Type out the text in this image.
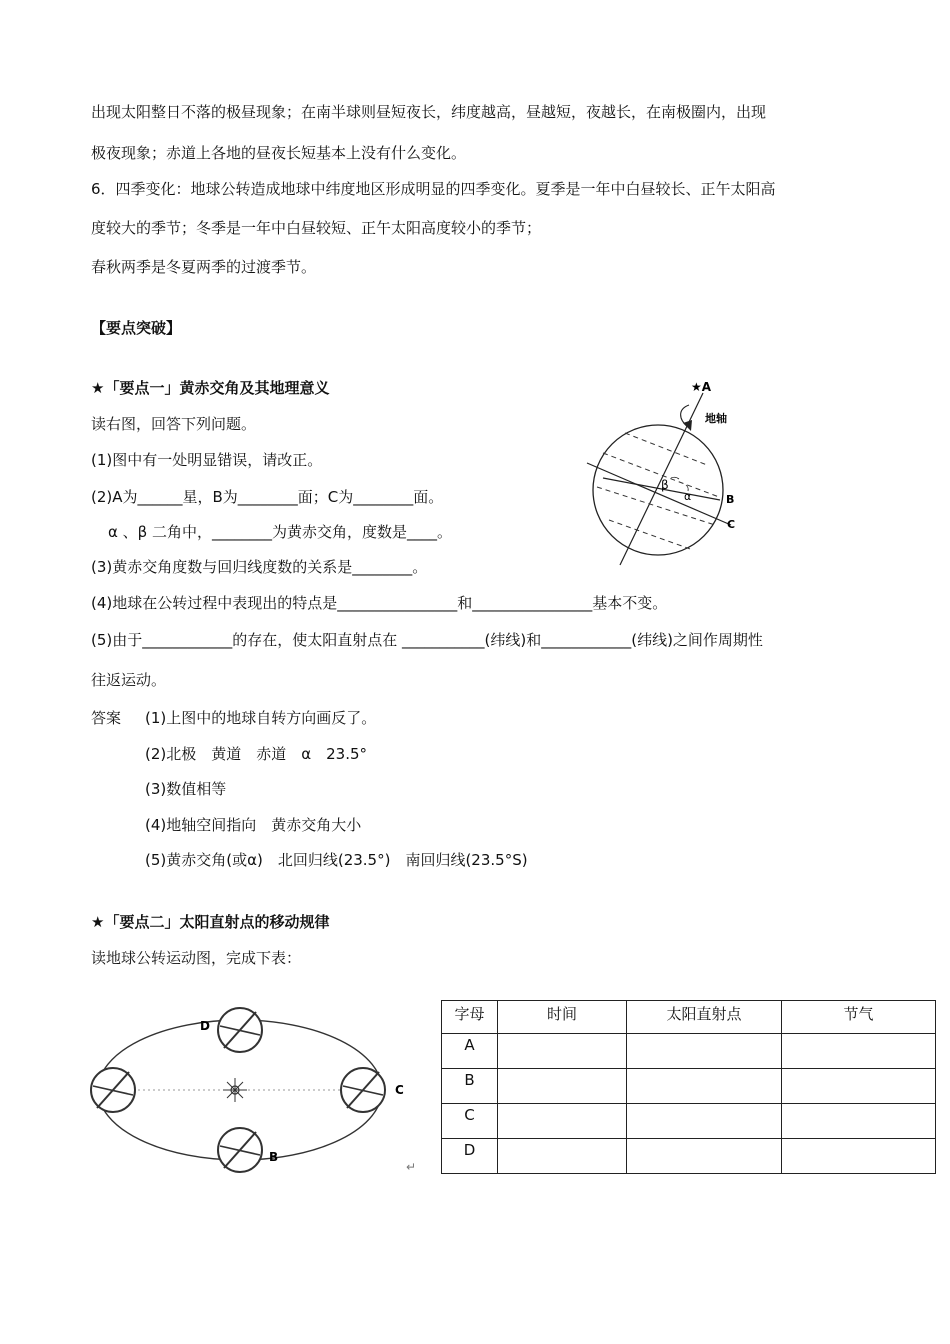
出现太阳整日不落的极昼现象；在南半球则昼短夜长，纬度越高，昼越短，夜越长，在南极圈内，出现
极夜现象；赤道上各地的昼夜长短基本上没有什么变化。
6．四季变化：地球公转造成地球中纬度地区形成明显的四季变化。夏季是一年中白昼较长、正午太阳高
度较大的季节；冬季是一年中白昼较短、正午太阳高度较小的季节；
春秋两季是冬夏两季的过渡季节。
【要点突破】
★「要点一」黄赤交角及其地理意义
读右图，回答下列问题。
(1)图中有一处明显错误，请改正。
(2)A为______星，B为________面；C为________面。
α 、β 二角中，________为黄赤交角，度数是____。
(3)黄赤交角度数与回归线度数的关系是________。
(4)地球在公转过程中表现出的特点是________________和________________基本不变。
(5)由于____________的存在，使太阳直射点在 ___________(纬线)和____________(纬线)之间作周期性
往返运动。
答案 (1)上图中的地球自转方向画反了。
(2)北极　黄道　赤道　α　23.5°
(3)数值相等
(4)地轴空间指向　黄赤交角大小
(5)黄赤交角(或α)　北回归线(23.5°)　南回归线(23.5°S)
★A
地轴
β
α	B
C
★「要点二」太阳直射点的移动规律
读地球公转运动图，完成下表：
D
C
B
↵
字母	时间	太阳直射点	节气
A			
B			
C			
D			
